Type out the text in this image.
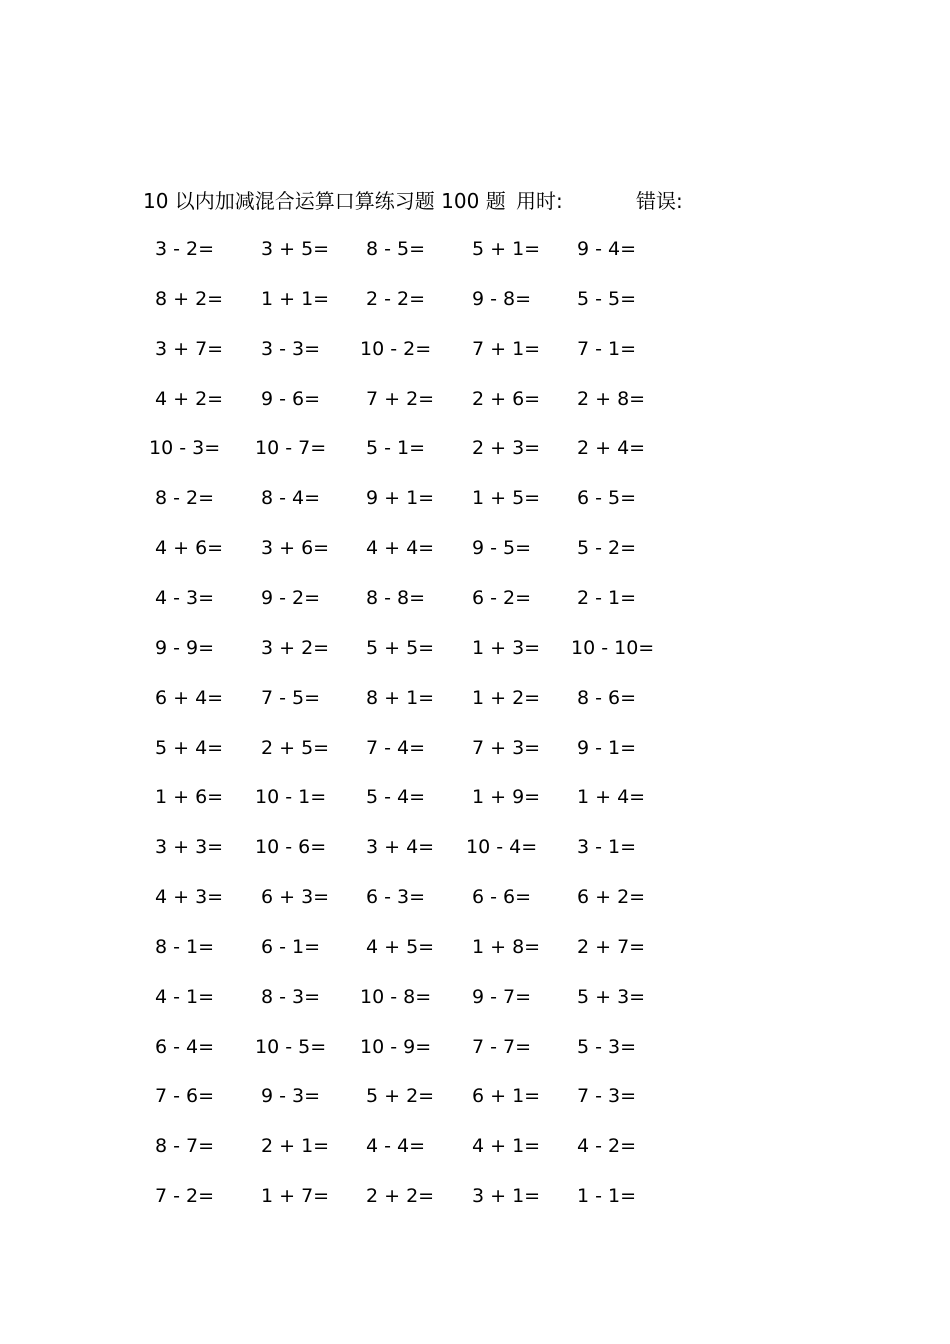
10 以内加减混合运算口算练习题 100 题 用时:	错误:
3 - 2= 3 + 5= 8 - 5= 5 + 1= 9 - 4=
8 + 2= 1 + 1= 2 - 2= 9 - 8= 5 - 5=
3 + 7= 3 - 3= 10 - 2= 7 + 1= 7 - 1=
4 + 2= 9 - 6= 7 + 2= 2 + 6= 2 + 8=
10 - 3= 10 - 7= 5 - 1= 2 + 3= 2 + 4=
8 - 2= 8 - 4= 9 + 1= 1 + 5= 6 - 5=
4 + 6= 3 + 6= 4 + 4= 9 - 5= 5 - 2=
4 - 3= 9 - 2= 8 - 8= 6 - 2= 2 - 1=
9 - 9= 3 + 2= 5 + 5= 1 + 3= 10 - 10=
6 + 4= 7 - 5= 8 + 1= 1 + 2= 8 - 6=
5 + 4= 2 + 5= 7 - 4= 7 + 3= 9 - 1=
1 + 6= 10 - 1= 5 - 4= 1 + 9= 1 + 4=
3 + 3= 10 - 6= 3 + 4= 10 - 4= 3 - 1=
4 + 3= 6 + 3= 6 - 3= 6 - 6= 6 + 2=
8 - 1= 6 - 1= 4 + 5= 1 + 8= 2 + 7=
4 - 1= 8 - 3= 10 - 8= 9 - 7= 5 + 3=
6 - 4= 10 - 5= 10 - 9= 7 - 7= 5 - 3=
7 - 6= 9 - 3= 5 + 2= 6 + 1= 7 - 3=
8 - 7= 2 + 1= 4 - 4= 4 + 1= 4 - 2=
7 - 2= 1 + 7= 2 + 2= 3 + 1= 1 - 1=
